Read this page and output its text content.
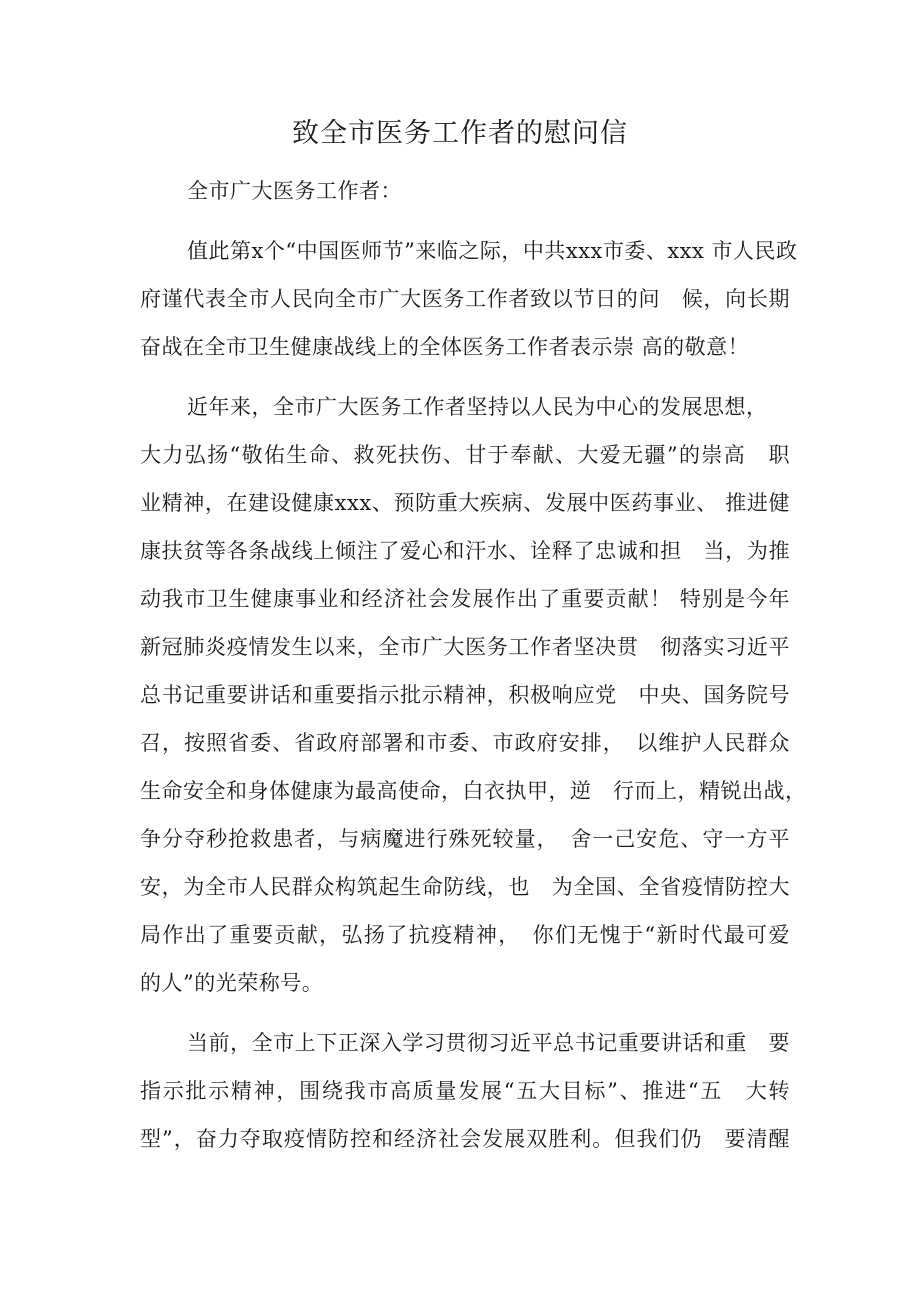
致全市医务工作者的慰问信

全市广大医务工作者：

值此第x个“中国医师节”来临之际，中共xxx市委、xxx 市人民政

府谨代表全市人民向全市广大医务工作者致以节日的问　候，向长期

奋战在全市卫生健康战线上的全体医务工作者表示崇 高的敬意！

近年来，全市广大医务工作者坚持以人民为中心的发展思想，

大力弘扬“敬佑生命、救死扶伤、甘于奉献、大爱无疆”的崇高　职

业精神，在建设健康xxx、预防重大疾病、发展中医药事业、 推进健

康扶贫等各条战线上倾注了爱心和汗水、诠释了忠诚和担　当，为推

动我市卫生健康事业和经济社会发展作出了重要贡献！ 特别是今年

新冠肺炎疫情发生以来，全市广大医务工作者坚决贯　彻落实习近平

总书记重要讲话和重要指示批示精神，积极响应党　中央、国务院号

召，按照省委、省政府部署和市委、市政府安排，　以维护人民群众

生命安全和身体健康为最高使命，白衣执甲，逆　行而上，精锐出战，

争分夺秒抢救患者，与病魔进行殊死较量，　舍一己安危、守一方平

安，为全市人民群众构筑起生命防线，也　为全国、全省疫情防控大

局作出了重要贡献，弘扬了抗疫精神，　你们无愧于“新时代最可爱

的人”的光荣称号。

当前，全市上下正深入学习贯彻习近平总书记重要讲话和重　要

指示批示精神，围绕我市高质量发展“五大目标”、推进“五　大转

型”，奋力夺取疫情防控和经济社会发展双胜利。但我们仍　要清醒
